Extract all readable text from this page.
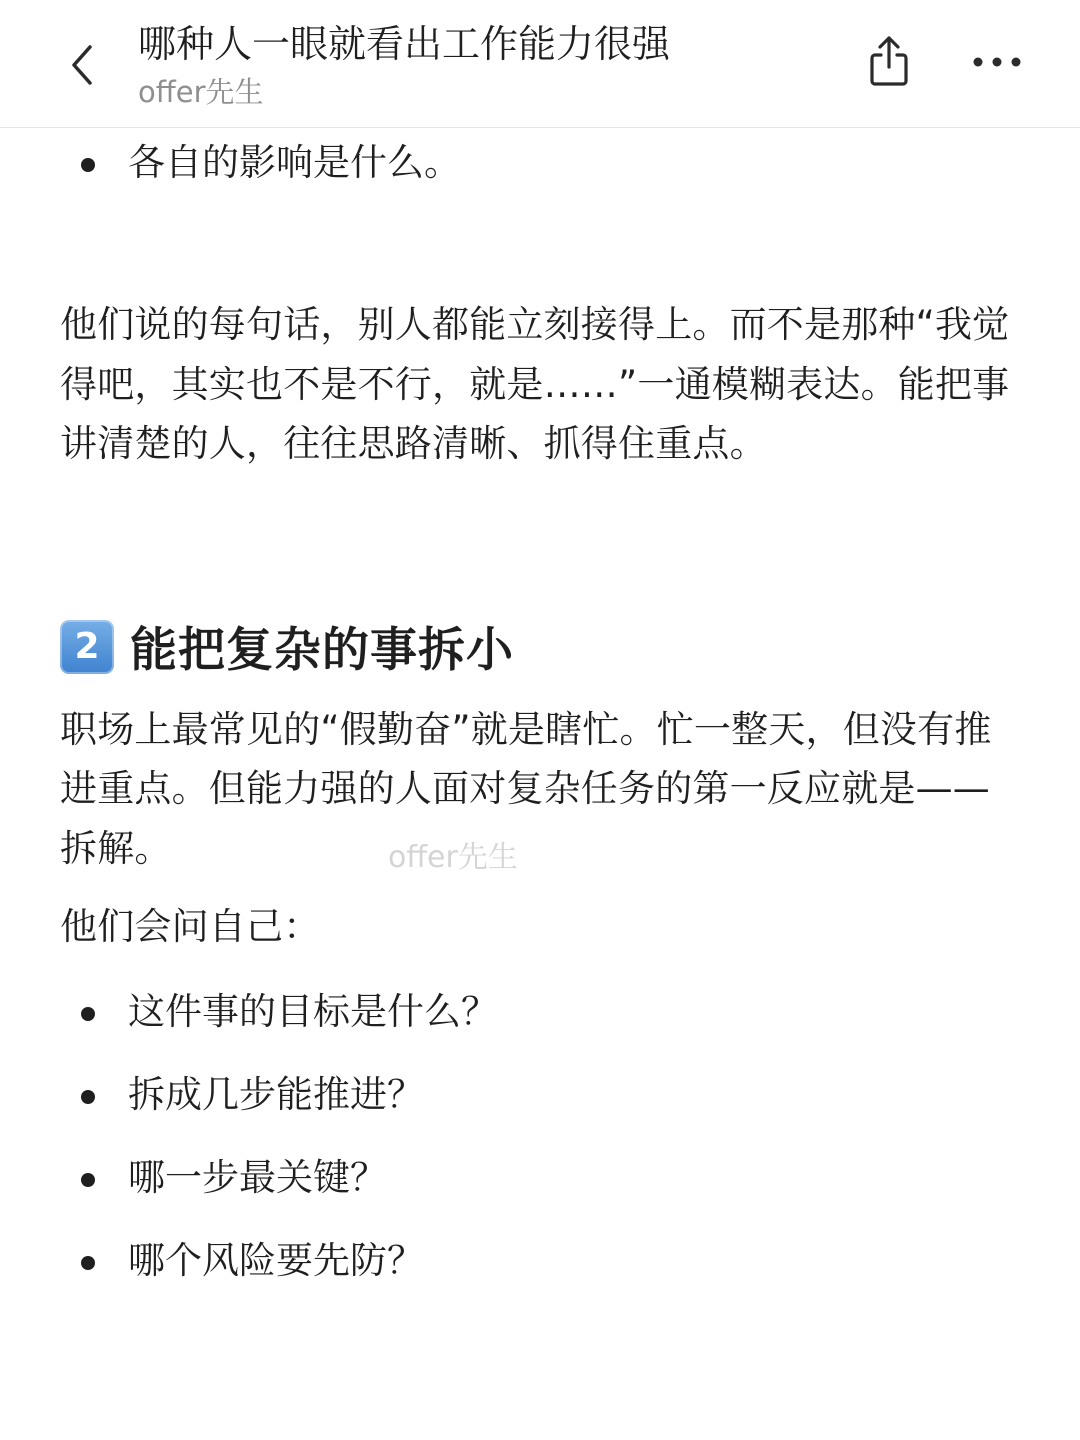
哪种人一眼就看出工作能力很强
offer先生
各自的影响是什么。
他们说的每句话，别人都能立刻接得上。而不是那种“我觉得吧，其实也不是不行，就是……”一通模糊表达。能把事讲清楚的人，往往思路清晰、抓得住重点。
2 能把复杂的事拆小
职场上最常见的“假勤奋”就是瞎忙。忙一整天，但没有推进重点。但能力强的人面对复杂任务的第一反应就是——拆解。
他们会问自己：
这件事的目标是什么？
拆成几步能推进？
哪一步最关键？
哪个风险要先防？
offer先生
